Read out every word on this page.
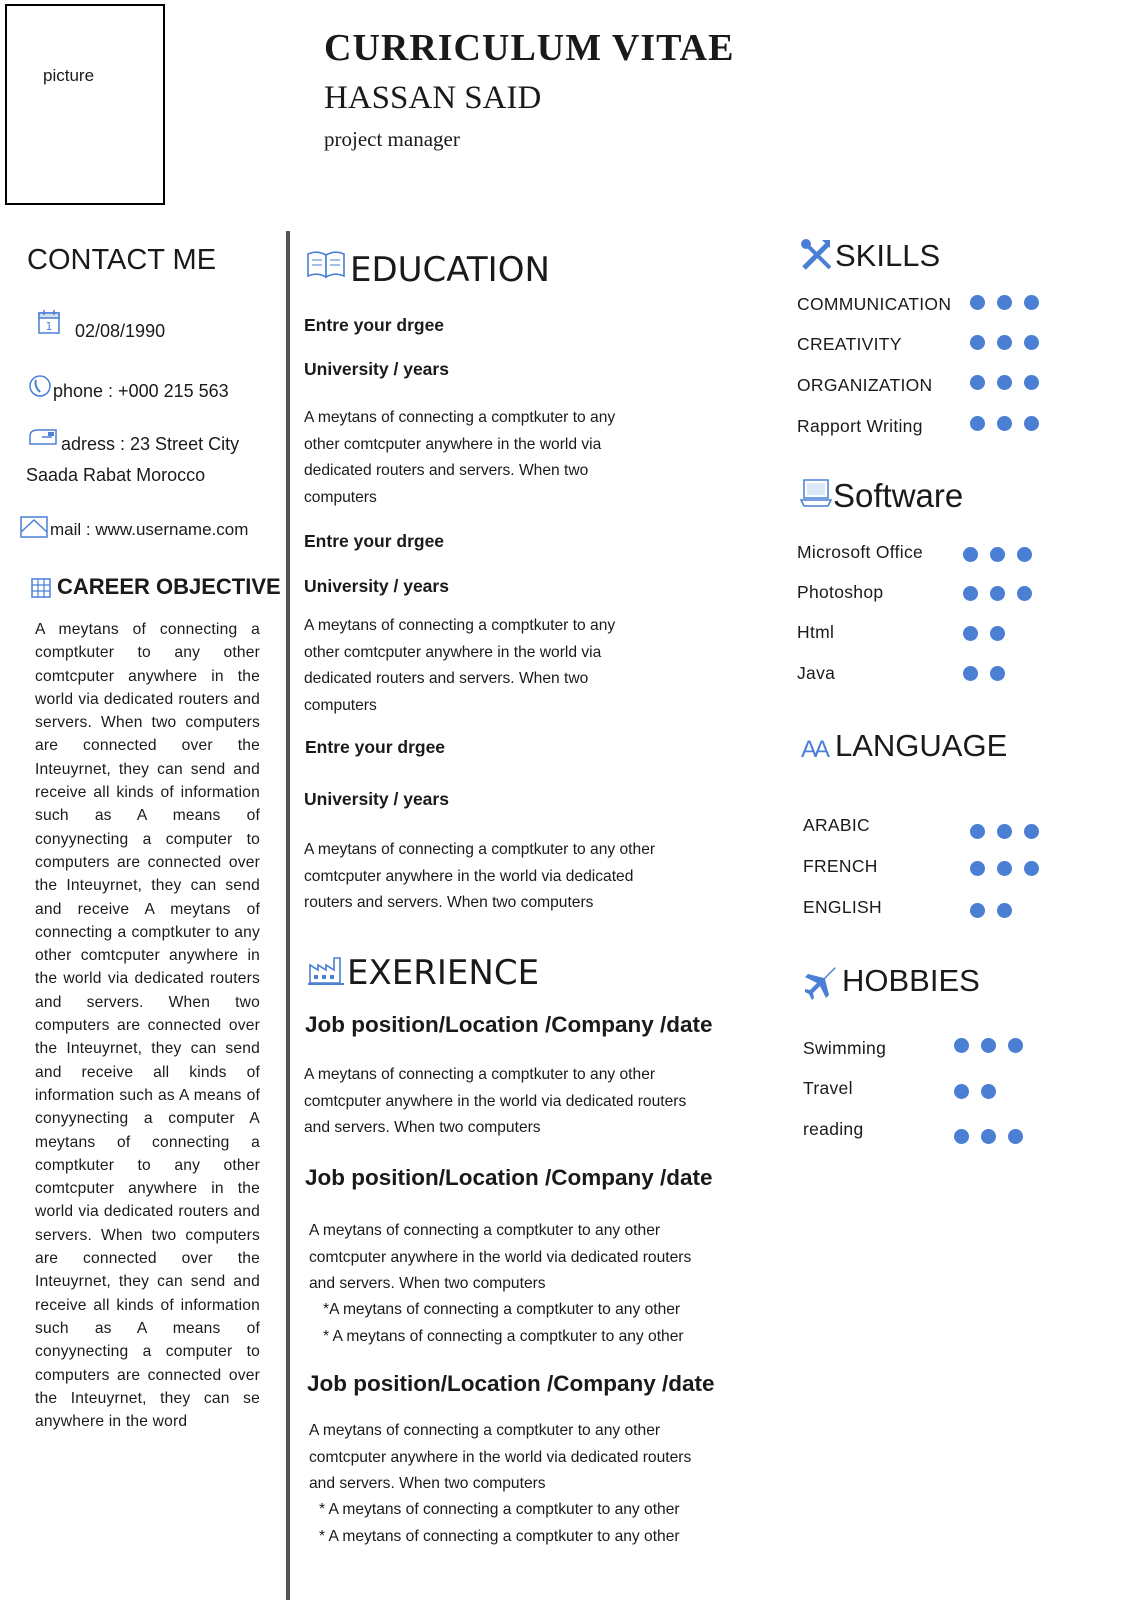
picture
CURRICULUM VITAE
HASSAN SAID
project manager
CONTACT ME
1 02/08/1990
phone : +000 215 563
adress : 23 Street City
Saada Rabat Morocco
mail : www.username.com
CAREER OBJECTIVE
A meytans of connecting a comptkuter to any other comtcputer anywhere in the world via dedicated routers and servers. When two computers are connected over the Inteuyrnet, they can send and receive all kinds of information such as A means of conyynecting a computer to computers are connected over the Inteuyrnet, they can send and receive A meytans of connecting a comptkuter to any other comtcputer anywhere in the world via dedicated routers and servers. When two computers are connected over the Inteuyrnet, they can send and receive all kinds of information such as A means of conyynecting a computer A meytans of connecting a comptkuter to any other comtcputer anywhere in the world via dedicated routers and servers. When two computers are connected over the Inteuyrnet, they can send and receive all kinds of information such as A means of conyynecting a computer to computers are connected over the Inteuyrnet, they can se anywhere in the word
EDUCATION
Entre your drgee
University / years
A meytans of connecting a comptkuter to any
other comtcputer anywhere in the world via
dedicated routers and servers. When two
computers
Entre your drgee
University / years
A meytans of connecting a comptkuter to any
other comtcputer anywhere in the world via
dedicated routers and servers. When two
computers
Entre your drgee
University / years
A meytans of connecting a comptkuter to any other
comtcputer anywhere in the world via dedicated
routers and servers. When two computers
EXERIENCE
Job position/Location /Company /date
A meytans of connecting a comptkuter to any other
comtcputer anywhere in the world via dedicated routers
and servers. When two computers
Job position/Location /Company /date
A meytans of connecting a comptkuter to any other
comtcputer anywhere in the world via dedicated routers
and servers. When two computers
*A meytans of connecting a comptkuter to any other
* A meytans of connecting a comptkuter to any other
Job position/Location /Company /date
A meytans of connecting a comptkuter to any other
comtcputer anywhere in the world via dedicated routers
and servers. When two computers
* A meytans of connecting a comptkuter to any other
* A meytans of connecting a comptkuter to any other
SKILLS
COMMUNICATION
CREATIVITY
ORGANIZATION
Rapport Writing
Software
Microsoft Office
Photoshop
Html
Java
AA LANGUAGE
ARABIC
FRENCH
ENGLISH
HOBBIES
Swimming
Travel
reading
